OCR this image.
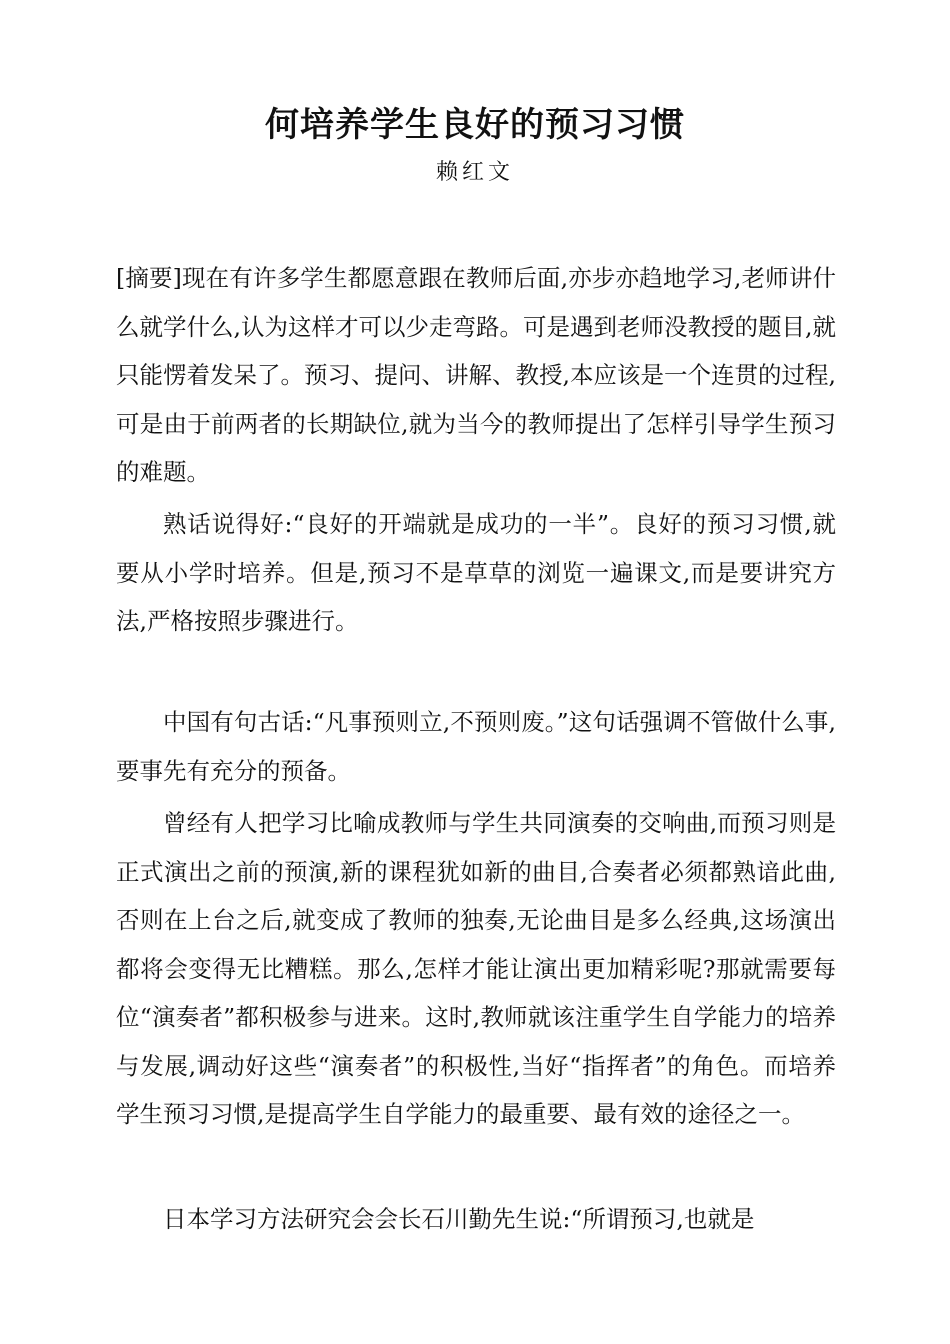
何培养学生良好的预习习惯

赖红文

[摘要]现在有许多学生都愿意跟在教师后面,亦步亦趋地学习,老师讲什么就学什么,认为这样才可以少走弯路。可是遇到老师没教授的题目,就只能愣着发呆了。预习、提问、讲解、教授,本应该是一个连贯的过程,可是由于前两者的长期缺位,就为当今的教师提出了怎样引导学生预习的难题。

熟话说得好:“良好的开端就是成功的一半”。良好的预习习惯,就要从小学时培养。但是,预习不是草草的浏览一遍课文,而是要讲究方法,严格按照步骤进行。

中国有句古话:“凡事预则立,不预则废。”这句话强调不管做什么事,要事先有充分的预备。

曾经有人把学习比喻成教师与学生共同演奏的交响曲,而预习则是正式演出之前的预演,新的课程犹如新的曲目,合奏者必须都熟谙此曲,否则在上台之后,就变成了教师的独奏,无论曲目是多么经典,这场演出都将会变得无比糟糕。那么,怎样才能让演出更加精彩呢?那就需要每位“演奏者”都积极参与进来。这时,教师就该注重学生自学能力的培养与发展,调动好这些“演奏者”的积极性,当好“指挥者”的角色。而培养学生预习习惯,是提高学生自学能力的最重要、最有效的途径之一。

日本学习方法研究会会长石川勤先生说:“所谓预习,也就是
